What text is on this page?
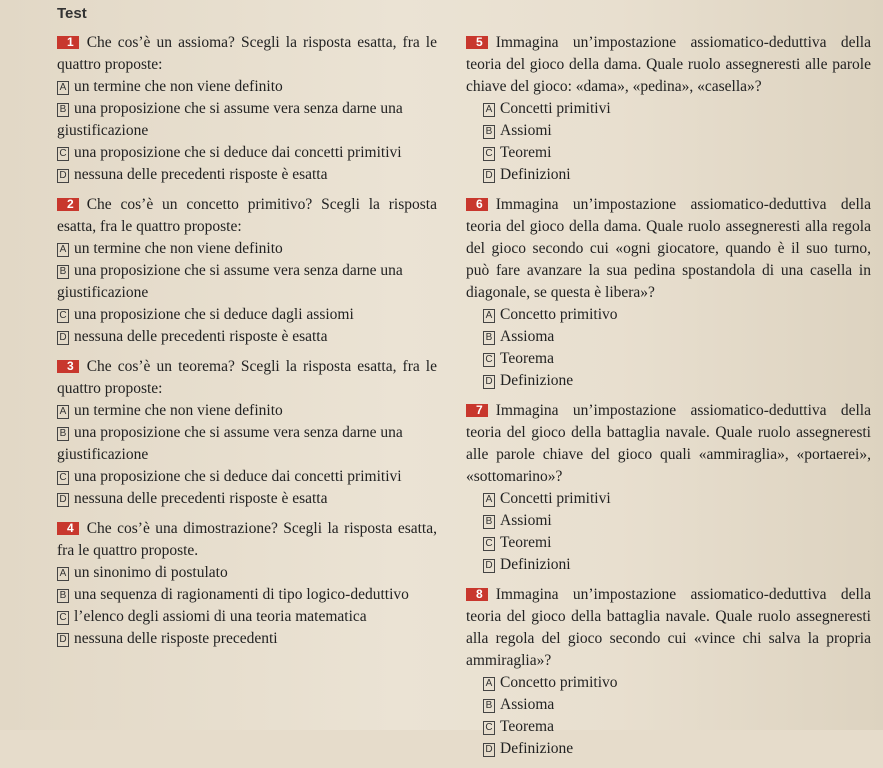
Test
1 Che cos’è un assioma? Scegli la risposta esatta, fra le quattro proposte:
A un termine che non viene definito
B una proposizione che si assume vera senza darne una giustificazione
C una proposizione che si deduce dai concetti primitivi
D nessuna delle precedenti risposte è esatta
2 Che cos’è un concetto primitivo? Scegli la risposta esatta, fra le quattro proposte:
A un termine che non viene definito
B una proposizione che si assume vera senza darne una giustificazione
C una proposizione che si deduce dagli assiomi
D nessuna delle precedenti risposte è esatta
3 Che cos’è un teorema? Scegli la risposta esatta, fra le quattro proposte:
A un termine che non viene definito
B una proposizione che si assume vera senza darne una giustificazione
C una proposizione che si deduce dai concetti primitivi
D nessuna delle precedenti risposte è esatta
4 Che cos’è una dimostrazione? Scegli la risposta esatta, fra le quattro proposte.
A un sinonimo di postulato
B una sequenza di ragionamenti di tipo logico-deduttivo
C l’elenco degli assiomi di una teoria matematica
D nessuna delle risposte precedenti
5 Immagina un’impostazione assiomatico-deduttiva della teoria del gioco della dama. Quale ruolo assegneresti alle parole chiave del gioco: «dama», «pedina», «casella»?
A Concetti primitivi
B Assiomi
C Teoremi
D Definizioni
6 Immagina un’impostazione assiomatico-deduttiva della teoria del gioco della dama. Quale ruolo assegneresti alla regola del gioco secondo cui «ogni giocatore, quando è il suo turno, può fare avanzare la sua pedina spostandola di una casella in diagonale, se questa è libera»?
A Concetto primitivo
B Assioma
C Teorema
D Definizione
7 Immagina un’impostazione assiomatico-deduttiva della teoria del gioco della battaglia navale. Quale ruolo assegneresti alle parole chiave del gioco quali «ammiraglia», «portaerei», «sottomarino»?
A Concetti primitivi
B Assiomi
C Teoremi
D Definizioni
8 Immagina un’impostazione assiomatico-deduttiva della teoria del gioco della battaglia navale. Quale ruolo assegneresti alla regola del gioco secondo cui «vince chi salva la propria ammiraglia»?
A Concetto primitivo
B Assioma
C Teorema
D Definizione
